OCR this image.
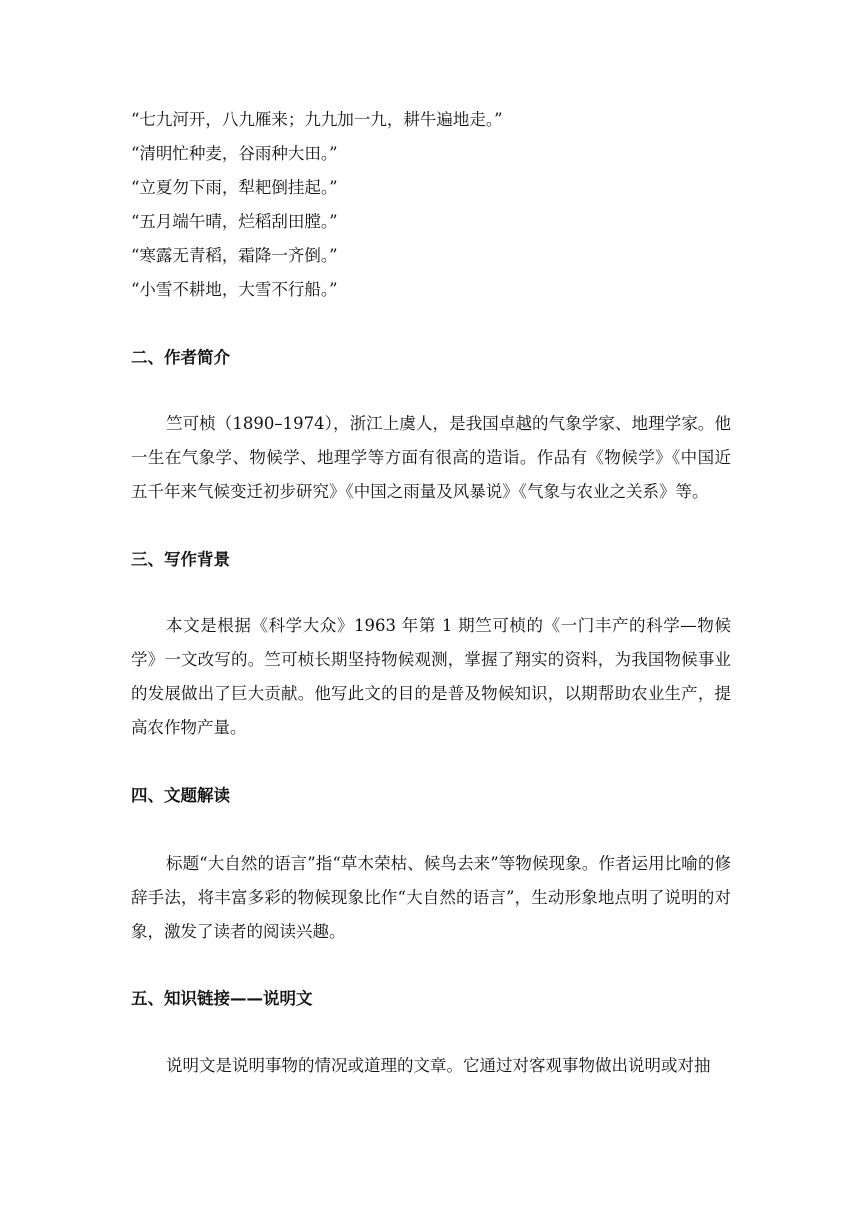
“七九河开，八九雁来；九九加一九，耕牛遍地走。”
“清明忙种麦，谷雨种大田。”
“立夏勿下雨，犁耙倒挂起。”
“五月端午晴，烂稻刮田膛。”
“寒露无青稻，霜降一齐倒。”
“小雪不耕地，大雪不行船。”
二、作者简介
竺可桢（1890–1974），浙江上虞人，是我国卓越的气象学家、地理学家。他一生在气象学、物候学、地理学等方面有很高的造诣。作品有《物候学》《中国近五千年来气候变迁初步研究》《中国之雨量及风暴说》《气象与农业之关系》等。
三、写作背景
本文是根据《科学大众》1963 年第 1 期竺可桢的《一门丰产的科学—物候学》一文改写的。竺可桢长期坚持物候观测，掌握了翔实的资料，为我国物候事业的发展做出了巨大贡献。他写此文的目的是普及物候知识，以期帮助农业生产，提高农作物产量。
四、文题解读
标题“大自然的语言”指“草木荣枯、候鸟去来”等物候现象。作者运用比喻的修辞手法，将丰富多彩的物候现象比作“大自然的语言”，生动形象地点明了说明的对象，激发了读者的阅读兴趣。
五、知识链接——说明文
说明文是说明事物的情况或道理的文章。它通过对客观事物做出说明或对抽
